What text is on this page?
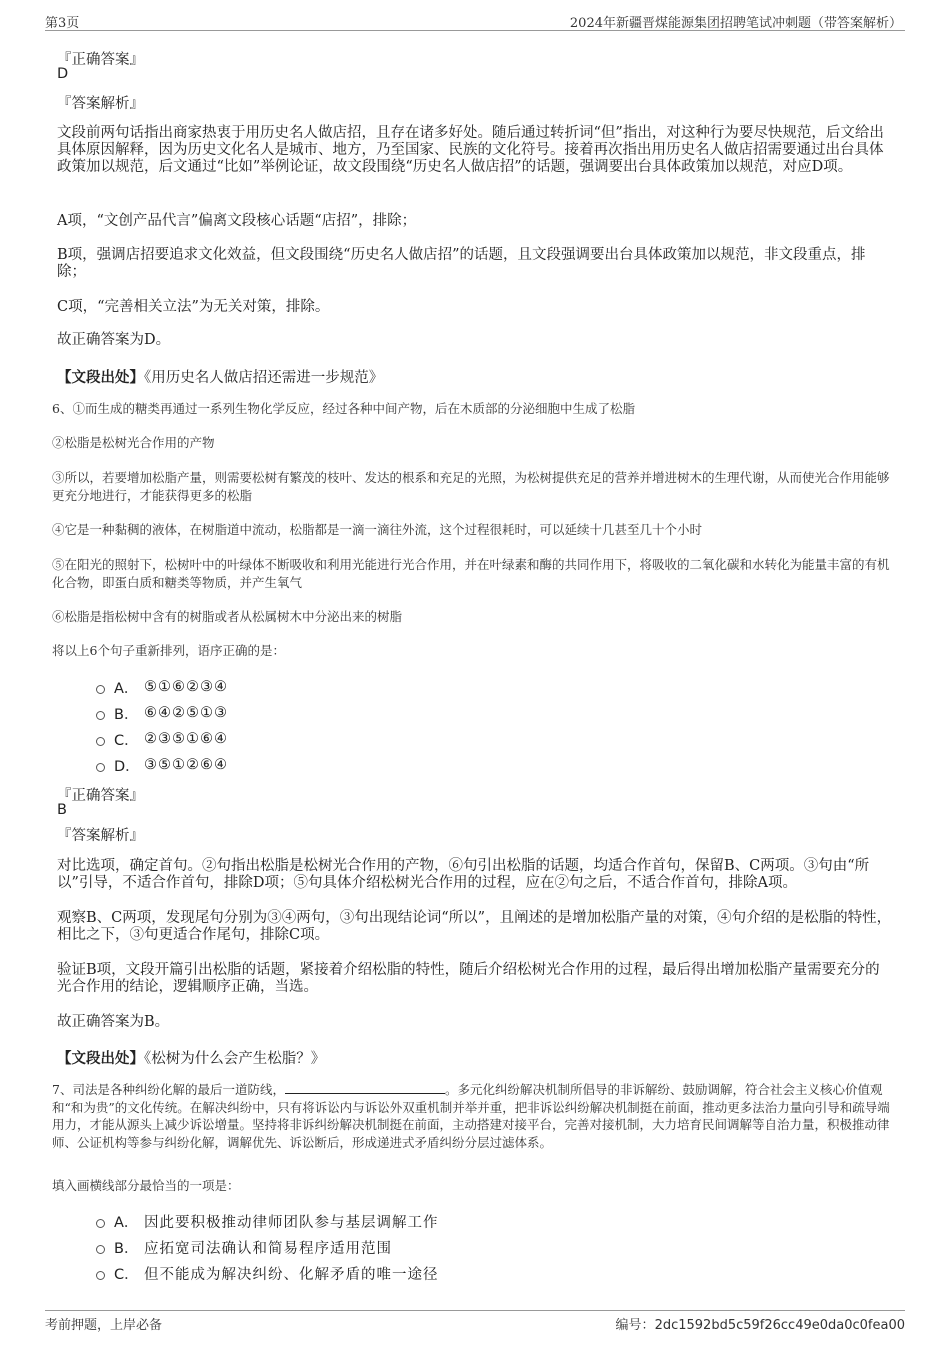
第3页	2024年新疆晋煤能源集团招聘笔试冲刺题（带答案解析）
『正确答案』
D
『答案解析』
文段前两句话指出商家热衷于用历史名人做店招，且存在诸多好处。随后通过转折词“但”指出，对这种行为要尽快规范，后文给出具体原因解释，因为历史文化名人是城市、地方，乃至国家、民族的文化符号。接着再次指出用历史名人做店招需要通过出台具体政策加以规范，后文通过“比如”举例论证，故文段围绕“历史名人做店招”的话题，强调要出台具体政策加以规范，对应D项。
A项，“文创产品代言”偏离文段核心话题“店招”，排除；
B项，强调店招要追求文化效益，但文段围绕“历史名人做店招”的话题，且文段强调要出台具体政策加以规范，非文段重点，排除；
C项，“完善相关立法”为无关对策，排除。
故正确答案为D。
【文段出处】《用历史名人做店招还需进一步规范》
6、①而生成的糖类再通过一系列生物化学反应，经过各种中间产物，后在木质部的分泌细胞中生成了松脂
②松脂是松树光合作用的产物
③所以，若要增加松脂产量，则需要松树有繁茂的枝叶、发达的根系和充足的光照，为松树提供充足的营养并增进树木的生理代谢，从而使光合作用能够更充分地进行，才能获得更多的松脂
④它是一种黏稠的液体，在树脂道中流动，松脂都是一滴一滴往外流，这个过程很耗时，可以延续十几甚至几十个小时
⑤在阳光的照射下，松树叶中的叶绿体不断吸收和利用光能进行光合作用，并在叶绿素和酶的共同作用下，将吸收的二氧化碳和水转化为能量丰富的有机化合物，即蛋白质和糖类等物质，并产生氧气
⑥松脂是指松树中含有的树脂或者从松属树木中分泌出来的树脂
将以上6个句子重新排列，语序正确的是：
A． ⑤①⑥②③④
B． ⑥④②⑤①③
C． ②③⑤①⑥④
D． ③⑤①②⑥④
『正确答案』
B
『答案解析』
对比选项，确定首句。②句指出松脂是松树光合作用的产物，⑥句引出松脂的话题，均适合作首句，保留B、C两项。③句由“所以”引导，不适合作首句，排除D项；⑤句具体介绍松树光合作用的过程，应在②句之后，不适合作首句，排除A项。
观察B、C两项，发现尾句分别为③④两句，③句出现结论词“所以”，且阐述的是增加松脂产量的对策，④句介绍的是松脂的特性，相比之下，③句更适合作尾句，排除C项。
验证B项，文段开篇引出松脂的话题，紧接着介绍松脂的特性，随后介绍松树光合作用的过程，最后得出增加松脂产量需要充分的光合作用的结论，逻辑顺序正确，当选。
故正确答案为B。
【文段出处】《松树为什么会产生松脂？》
7、司法是各种纠纷化解的最后一道防线，	。多元化纠纷解决机制所倡导的非诉解纷、鼓励调解，符合社会主义核心价值观和“和为贵”的文化传统。在解决纠纷中，只有将诉讼内与诉讼外双重机制并举并重，把非诉讼纠纷解决机制挺在前面，推动更多法治力量向引导和疏导端用力，才能从源头上减少诉讼增量。坚持将非诉纠纷解决机制挺在前面，主动搭建对接平台，完善对接机制，大力培育民间调解等自治力量，积极推动律师、公证机构等参与纠纷化解，调解优先、诉讼断后，形成递进式矛盾纠纷分层过滤体系。
填入画横线部分最恰当的一项是：
A． 因此要积极推动律师团队参与基层调解工作
B． 应拓宽司法确认和简易程序适用范围
C． 但不能成为解决纠纷、化解矛盾的唯一途径
考前押题，上岸必备	编号：2dc1592bd5c59f26cc49e0da0c0fea00
